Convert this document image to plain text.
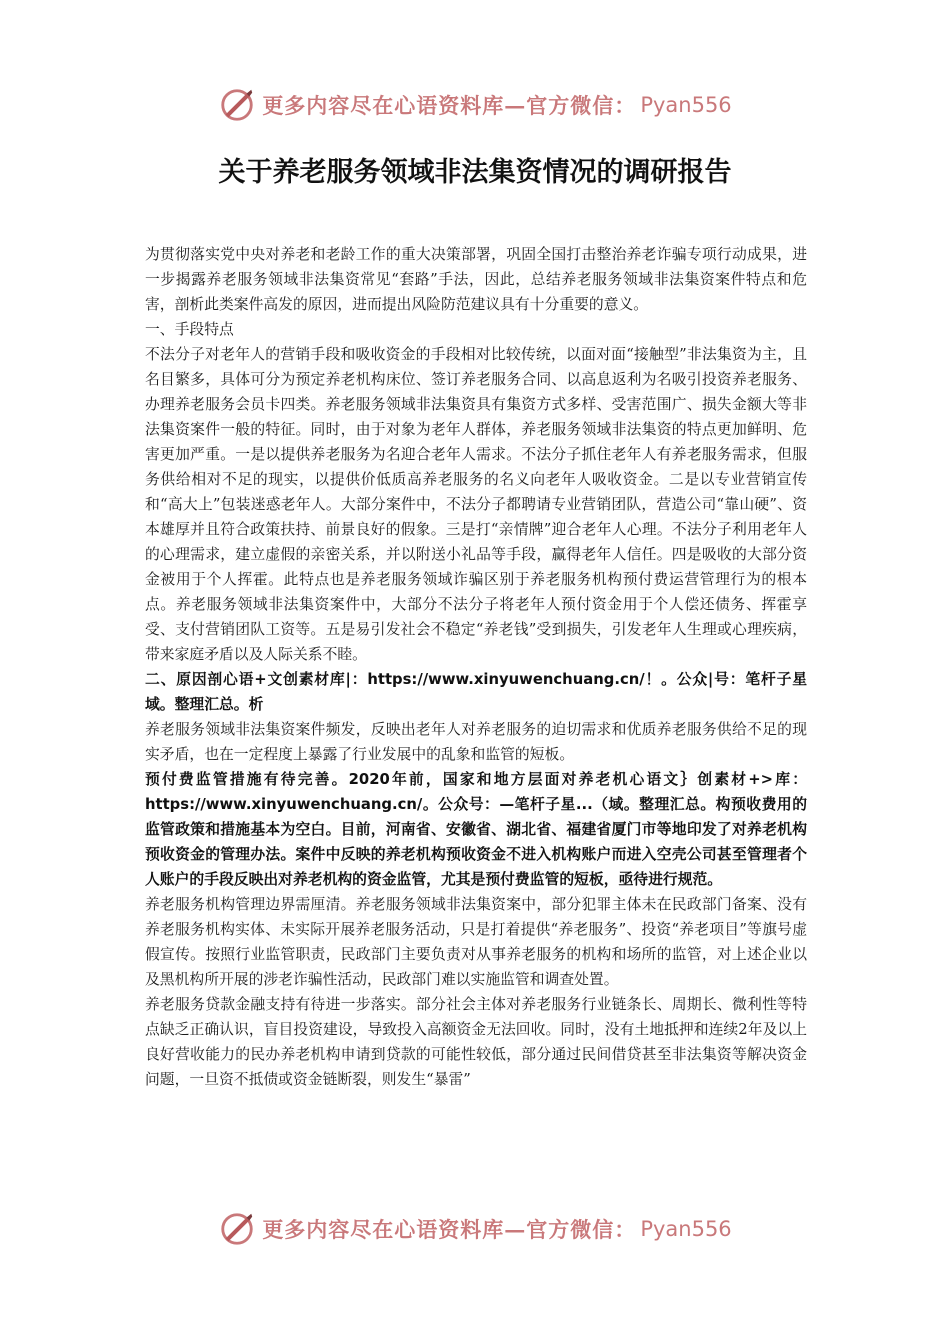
更多内容尽在心语资料库—官方微信： Pyan556
关于养老服务领域非法集资情况的调研报告

为贯彻落实党中央对养老和老龄工作的重大决策部署，巩固全国打击整治养老诈骗专项行动成果，进一步揭露养老服务领域非法集资常见“套路”手法，因此，总结养老服务领域非法集资案件特点和危害，剖析此类案件高发的原因，进而提出风险防范建议具有十分重要的意义。

一、手段特点

不法分子对老年人的营销手段和吸收资金的手段相对比较传统，以面对面“接触型”非法集资为主，且名目繁多，具体可分为预定养老机构床位、签订养老服务合同、以高息返利为名吸引投资养老服务、办理养老服务会员卡四类。养老服务领域非法集资具有集资方式多样、受害范围广、损失金额大等非法集资案件一般的特征。同时，由于对象为老年人群体，养老服务领域非法集资的特点更加鲜明、危害更加严重。一是以提供养老服务为名迎合老年人需求。不法分子抓住老年人有养老服务需求，但服务供给相对不足的现实，以提供价低质高养老服务的名义向老年人吸收资金。二是以专业营销宣传和“高大上”包装迷惑老年人。大部分案件中，不法分子都聘请专业营销团队，营造公司“靠山硬”、资本雄厚并且符合政策扶持、前景良好的假象。三是打“亲情牌”迎合老年人心理。不法分子利用老年人的心理需求，建立虚假的亲密关系，并以附送小礼品等手段，赢得老年人信任。四是吸收的大部分资金被用于个人挥霍。此特点也是养老服务领域诈骗区别于养老服务机构预付费运营管理行为的根本点。养老服务领域非法集资案件中，大部分不法分子将老年人预付资金用于个人偿还债务、挥霍享受、支付营销团队工资等。五是易引发社会不稳定“养老钱”受到损失，引发老年人生理或心理疾病，带来家庭矛盾以及人际关系不睦。

二、原因剖心语+文创素材库|：https://www.xinyuwenchuang.cn/！。公众|号：笔杆子星域。整理汇总。析

养老服务领域非法集资案件频发，反映出老年人对养老服务的迫切需求和优质养老服务供给不足的现实矛盾，也在一定程度上暴露了行业发展中的乱象和监管的短板。

预付费监管措施有待完善。2020年前，国家和地方层面对养老机心语文｝创素材+>库：https://www.xinyuwenchuang.cn/。公众号：—笔杆子星...（域。整理汇总。构预收费用的监管政策和措施基本为空白。目前，河南省、安徽省、湖北省、福建省厦门市等地印发了对养老机构预收资金的管理办法。案件中反映的养老机构预收资金不进入机构账户而进入空壳公司甚至管理者个人账户的手段反映出对养老机构的资金监管，尤其是预付费监管的短板，亟待进行规范。

养老服务机构管理边界需厘清。养老服务领域非法集资案中，部分犯罪主体未在民政部门备案、没有养老服务机构实体、未实际开展养老服务活动，只是打着提供“养老服务”、投资“养老项目”等旗号虚假宣传。按照行业监管职责，民政部门主要负责对从事养老服务的机构和场所的监管，对上述企业以及黑机构所开展的涉老诈骗性活动，民政部门难以实施监管和调查处置。

养老服务贷款金融支持有待进一步落实。部分社会主体对养老服务行业链条长、周期长、微利性等特点缺乏正确认识，盲目投资建设，导致投入高额资金无法回收。同时，没有土地抵押和连续2年及以上良好营收能力的民办养老机构申请到贷款的可能性较低，部分通过民间借贷甚至非法集资等解决资金问题，一旦资不抵债或资金链断裂，则发生“暴雷”

更多内容尽在心语资料库—官方微信： Pyan556
